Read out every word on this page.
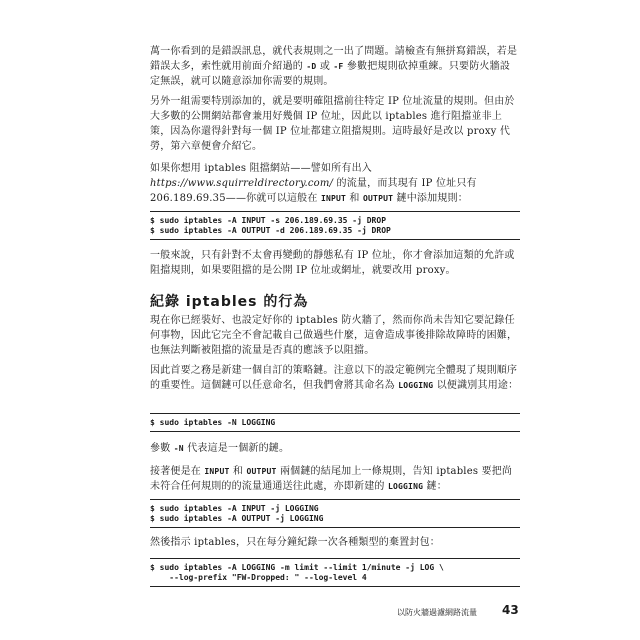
萬一你看到的是錯誤訊息，就代表規則之一出了問題。請檢查有無拼寫錯誤，若是錯誤太多，索性就用前面介紹過的 -D 或 -F 參數把規則砍掉重練。只要防火牆設定無誤，就可以隨意添加你需要的規則。

另外一組需要特別添加的，就是要明確阻擋前往特定 IP 位址流量的規則。但由於大多數的公開網站都會兼用好幾個 IP 位址，因此以 iptables 進行阻擋並非上策，因為你還得針對每一個 IP 位址都建立阻擋規則。這時最好是改以 proxy 代勞，第六章便會介紹它。

如果你想用 iptables 阻擋網站——譬如所有出入 https://www.squirreldirectory.com/ 的流量，而其現有 IP 位址只有 206.189.69.35——你就可以這般在 INPUT 和 OUTPUT 鏈中添加規則：

$ sudo iptables -A INPUT -s 206.189.69.35 -j DROP
$ sudo iptables -A OUTPUT -d 206.189.69.35 -j DROP

一般來說，只有針對不太會再變動的靜態私有 IP 位址，你才會添加這類的允許或阻擋規則，如果要阻擋的是公開 IP 位址或網址，就要改用 proxy。

紀錄 iptables 的行為

現在你已經裝好、也設定好你的 iptables 防火牆了，然而你尚未告知它要記錄任何事物，因此它完全不會記載自己做過些什麼，這會造成事後排除故障時的困難，也無法判斷被阻擋的流量是否真的應該予以阻擋。

因此首要之務是新建一個自訂的策略鏈。注意以下的設定範例完全體現了規則順序的重要性。這個鏈可以任意命名，但我們會將其命名為 LOGGING 以便識別其用途：

$ sudo iptables -N LOGGING

參數 -N 代表這是一個新的鏈。

接著便是在 INPUT 和 OUTPUT 兩個鏈的結尾加上一條規則，告知 iptables 要把尚未符合任何規則的的流量通通送往此處，亦即新建的 LOGGING 鏈：

$ sudo iptables -A INPUT -j LOGGING
$ sudo iptables -A OUTPUT -j LOGGING

然後指示 iptables，只在每分鐘紀錄一次各種類型的棄置封包：

$ sudo iptables -A LOGGING -m limit --limit 1/minute -j LOG \
--log-prefix "FW-Dropped: " --log-level 4
以防火牆過濾網路流量 43
